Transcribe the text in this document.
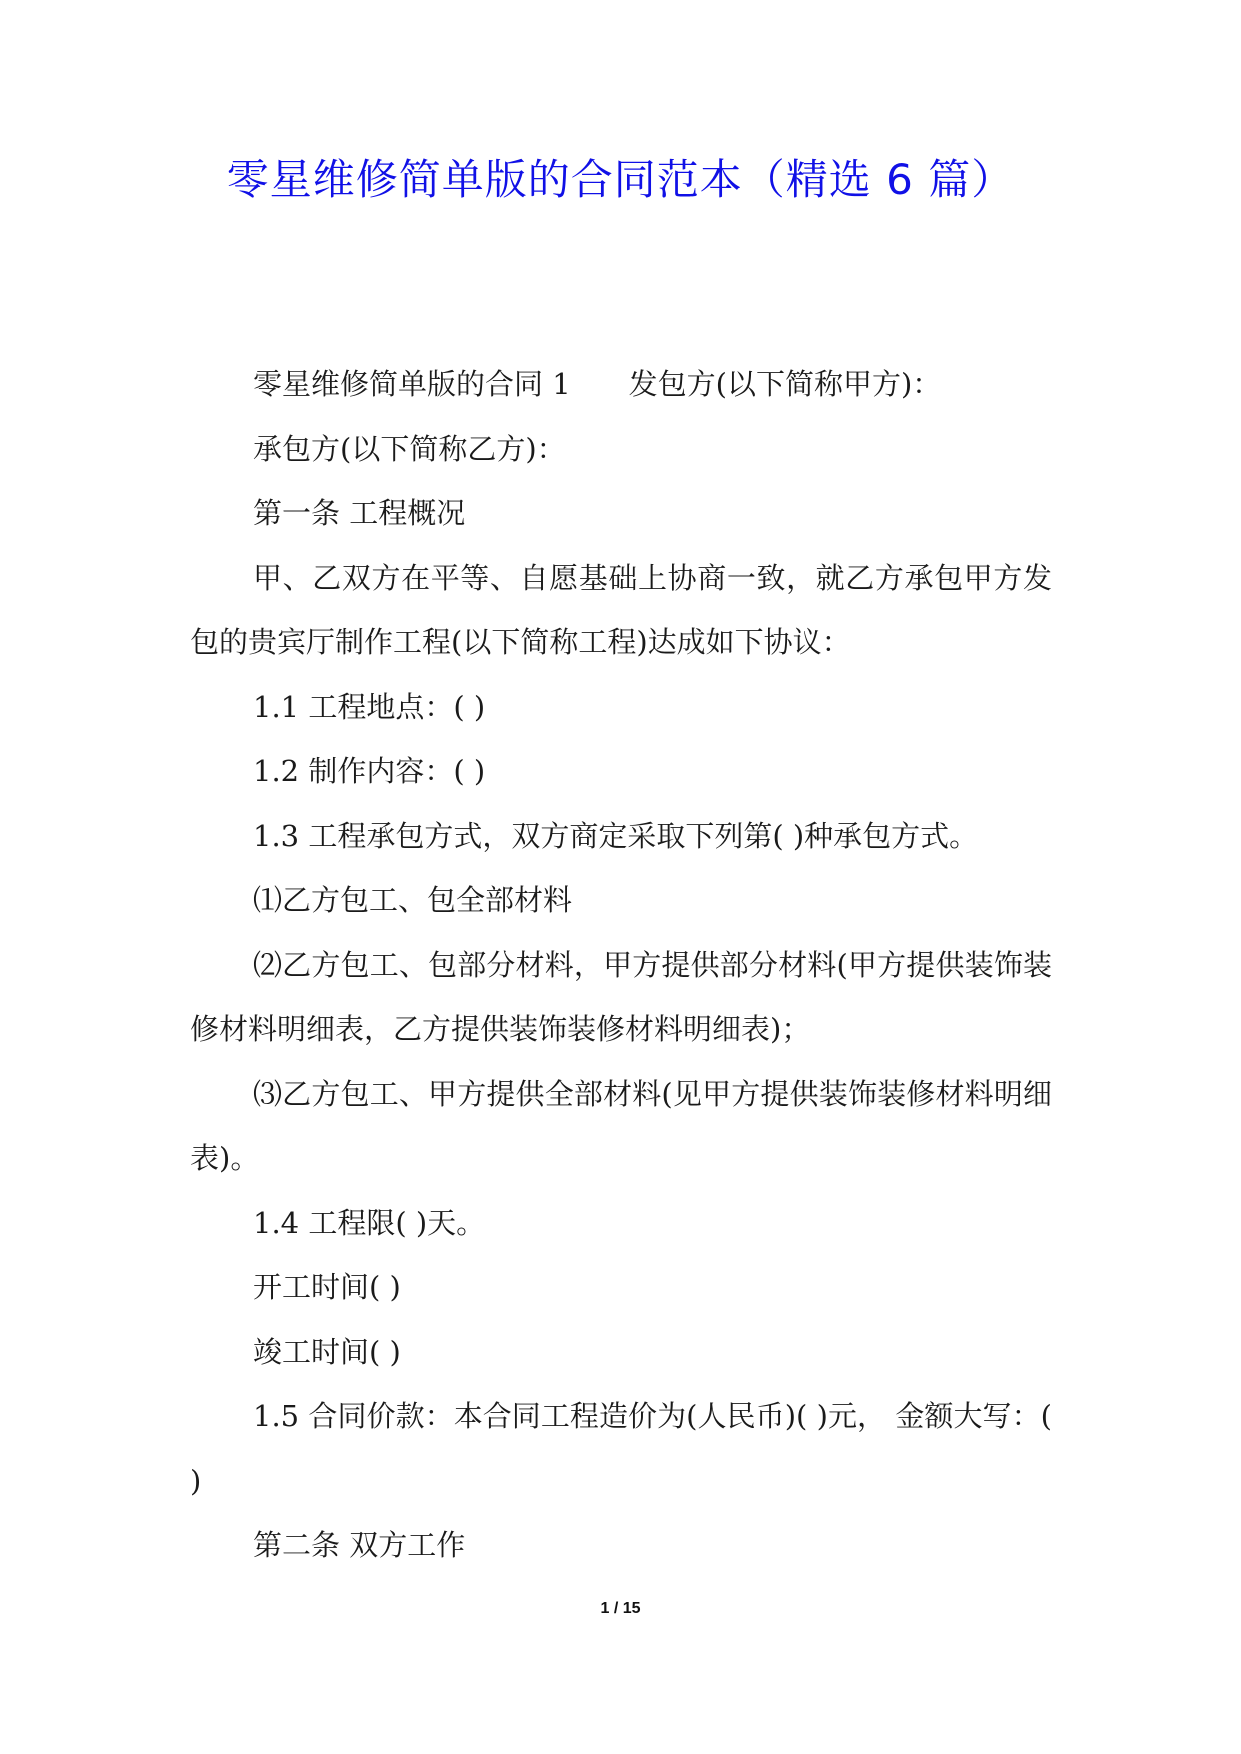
零星维修简单版的合同范本（精选 6 篇）

零星维修简单版的合同 1　　发包方(以下简称甲方)：

承包方(以下简称乙方)：

第一条 工程概况

甲、乙双方在平等、自愿基础上协商一致，就乙方承包甲方发包的贵宾厅制作工程(以下简称工程)达成如下协议：

1.1 工程地点：( )

1.2 制作内容：( )

1.3 工程承包方式，双方商定采取下列第( )种承包方式。

⑴乙方包工、包全部材料

⑵乙方包工、包部分材料，甲方提供部分材料(甲方提供装饰装修材料明细表，乙方提供装饰装修材料明细表)；

⑶乙方包工、甲方提供全部材料(见甲方提供装饰装修材料明细表)。

1.4 工程限( )天。

开工时间( )

竣工时间( )

1.5 合同价款：本合同工程造价为(人民币)( )元， 金额大写：( )

第二条 双方工作

1 / 15
